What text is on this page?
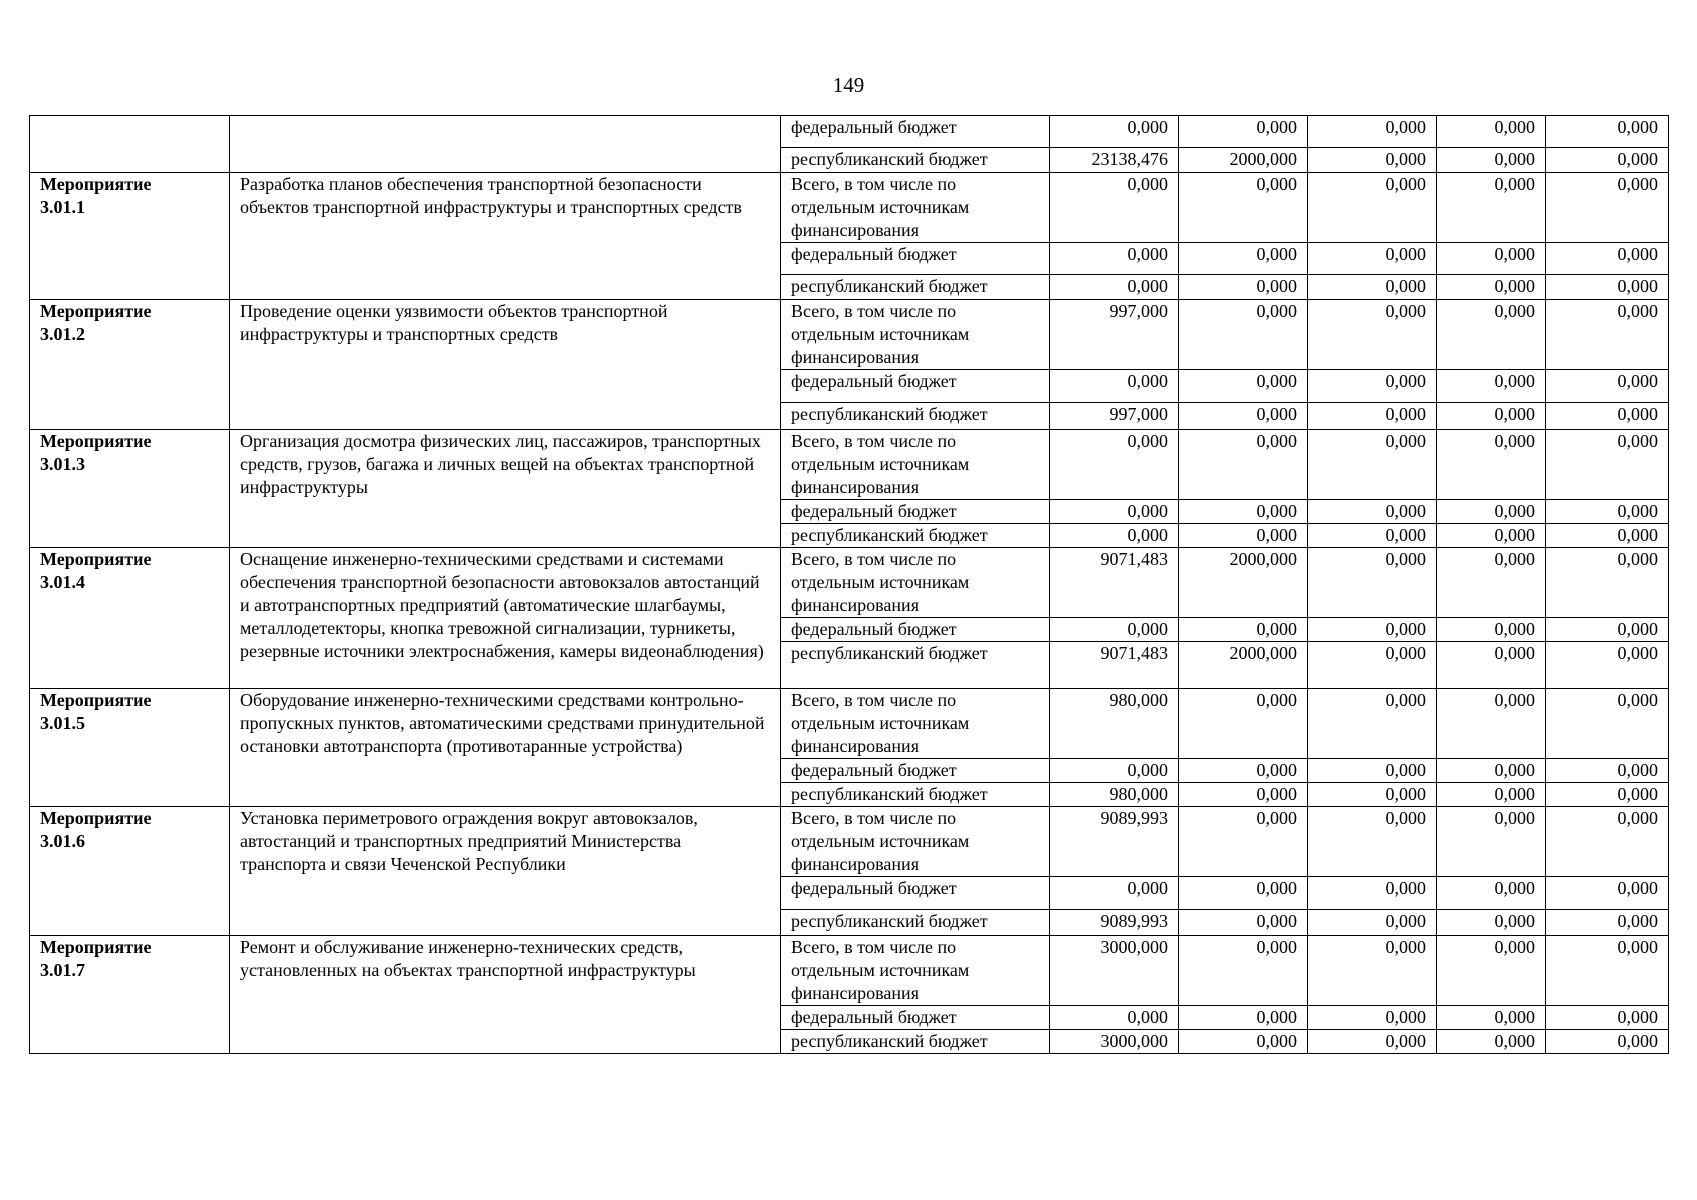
149
		федеральный бюджет	0,000	0,000	0,000	0,000	0,000
		республиканский бюджет	23138,476	2000,000	0,000	0,000	0,000

Мероприятие
3.01.1	Разработка планов обеспечения транспортной безопасности объектов транспортной инфраструктуры и транспортных средств	Всего, в том числе по отдельным источникам финансирования	0,000	0,000	0,000	0,000	0,000
		федеральный бюджет	0,000	0,000	0,000	0,000	0,000
		республиканский бюджет	0,000	0,000	0,000	0,000	0,000

Мероприятие
3.01.2	Проведение оценки уязвимости объектов транспортной инфраструктуры и транспортных средств	Всего, в том числе по отдельным источникам финансирования	997,000	0,000	0,000	0,000	0,000
		федеральный бюджет	0,000	0,000	0,000	0,000	0,000
		республиканский бюджет	997,000	0,000	0,000	0,000	0,000

Мероприятие
3.01.3	Организация досмотра физических лиц, пассажиров, транспортных средств, грузов, багажа и личных вещей на объектах транспортной инфраструктуры	Всего, в том числе по отдельным источникам финансирования	0,000	0,000	0,000	0,000	0,000
		федеральный бюджет	0,000	0,000	0,000	0,000	0,000
		республиканский бюджет	0,000	0,000	0,000	0,000	0,000

Мероприятие
3.01.4	Оснащение инженерно-техническими средствами и системами обеспечения транспортной безопасности автовокзалов автостанций и автотранспортных предприятий (автоматические шлагбаумы, металлодетекторы, кнопка тревожной сигнализации, турникеты, резервные источники электроснабжения, камеры видеонаблюдения)	Всего, в том числе по отдельным источникам финансирования	9071,483	2000,000	0,000	0,000	0,000
		федеральный бюджет	0,000	0,000	0,000	0,000	0,000
		республиканский бюджет	9071,483	2000,000	0,000	0,000	0,000

Мероприятие
3.01.5	Оборудование инженерно-техническими средствами контрольно-пропускных пунктов, автоматическими средствами принудительной остановки автотранспорта (противотаранные устройства)	Всего, в том числе по отдельным источникам финансирования	980,000	0,000	0,000	0,000	0,000
		федеральный бюджет	0,000	0,000	0,000	0,000	0,000
		республиканский бюджет	980,000	0,000	0,000	0,000	0,000

Мероприятие
3.01.6	Установка периметрового ограждения вокруг автовокзалов, автостанций и транспортных предприятий Министерства транспорта и связи Чеченской Республики	Всего, в том числе по отдельным источникам финансирования	9089,993	0,000	0,000	0,000	0,000
		федеральный бюджет	0,000	0,000	0,000	0,000	0,000
		республиканский бюджет	9089,993	0,000	0,000	0,000	0,000

Мероприятие
3.01.7	Ремонт и обслуживание инженерно-технических средств, установленных на объектах транспортной инфраструктуры	Всего, в том числе по отдельным источникам финансирования	3000,000	0,000	0,000	0,000	0,000
		федеральный бюджет	0,000	0,000	0,000	0,000	0,000
		республиканский бюджет	3000,000	0,000	0,000	0,000	0,000
